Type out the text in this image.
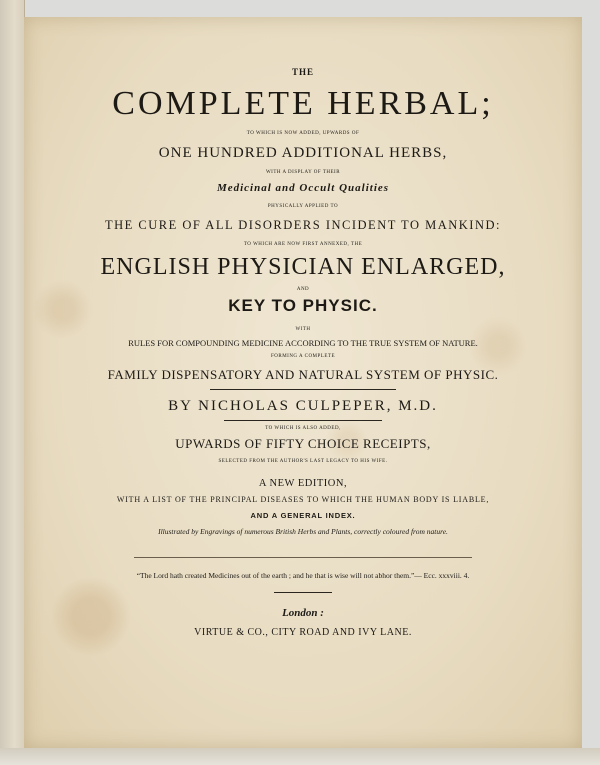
THE
COMPLETE HERBAL;
TO WHICH IS NOW ADDED, UPWARDS OF
ONE HUNDRED ADDITIONAL HERBS,
WITH A DISPLAY OF THEIR
Medicinal and Occult Qualities
PHYSICALLY APPLIED TO
THE CURE OF ALL DISORDERS INCIDENT TO MANKIND:
TO WHICH ARE NOW FIRST ANNEXED, THE
ENGLISH PHYSICIAN ENLARGED,
AND
KEY TO PHYSIC.
WITH
RULES FOR COMPOUNDING MEDICINE ACCORDING TO THE TRUE SYSTEM OF NATURE.
FORMING A COMPLETE
FAMILY DISPENSATORY AND NATURAL SYSTEM OF PHYSIC.
BY NICHOLAS CULPEPER, M.D.
TO WHICH IS ALSO ADDED,
UPWARDS OF FIFTY CHOICE RECEIPTS,
SELECTED FROM THE AUTHOR'S LAST LEGACY TO HIS WIFE.
A NEW EDITION,
WITH A LIST OF THE PRINCIPAL DISEASES TO WHICH THE HUMAN BODY IS LIABLE,
AND A GENERAL INDEX.
Illustrated by Engravings of numerous British Herbs and Plants, correctly coloured from nature.
“The Lord hath created Medicines out of the earth ; and he that is wise will not abhor them.”— Ecc. xxxviii. 4.
London :
VIRTUE & CO., CITY ROAD AND IVY LANE.
